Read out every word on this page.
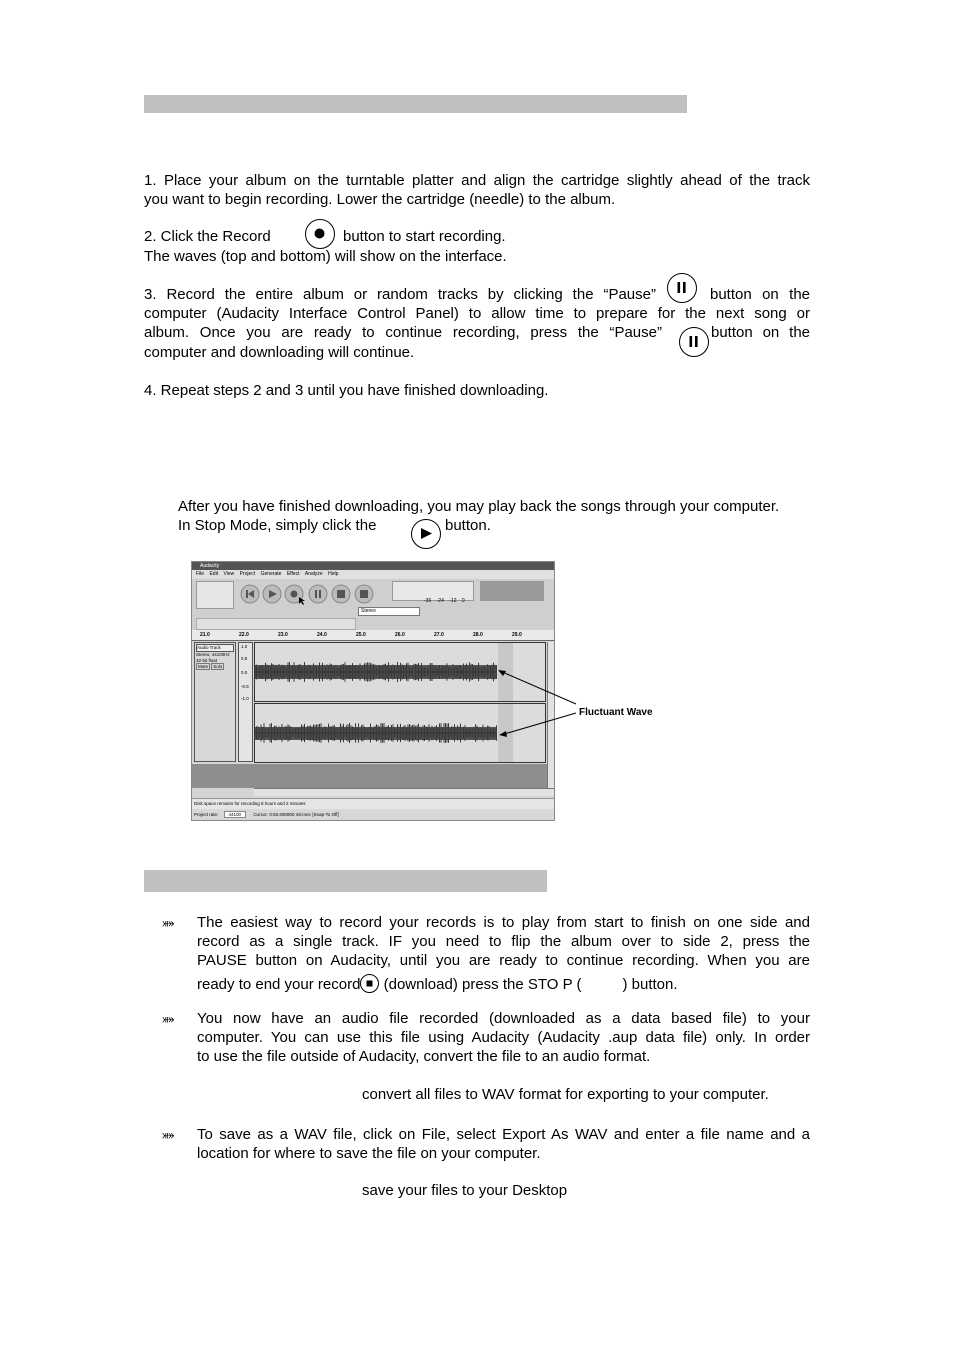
1. Place your album on the turntable platter and align the cartridge slightly ahead of the track
you want to begin recording. Lower the cartridge (needle) to the album.
2. Click the Record	button to start recording.
The waves (top and bottom) will show on the interface.
3. Record the entire album or random tracks by clicking the “Pause”	button on the
computer (Audacity Interface Control Panel) to allow time to prepare for the next song or
album. Once you are ready to continue recording, press the “Pause”	button on the
computer and downloading will continue.
4. Repeat steps 2 and 3 until you have finished downloading.
After you have finished downloading, you may play back the songs through your computer.
In Stop Mode, simply click the	button.
Audacity
File Edit View Project Generate Effect Analyze Help
-36 -24 -12 0
Stereo
21.0	22.0	23.0	24.0	25.0	26.0	27.0	28.0	29.0
Audio Track
Stereo, 44100Hz
32-bit float
Mute Solo
1.0
0.5
0.0
-0.5
-1.0
Disk space remains for recording 8 hours and 2 minutes
Project rate: 44100	Cursor: 0:60.600000 min:sec [Snap-To Off]
Fluctuant Wave
⤘ The easiest way to record your records is to play from start to finish on one side and
record as a single track. IF you need to flip the album over to side 2, press the
PAUSE button on Audacity, until you are ready to continue recording. When you are
ready to end your record (download) press the STO P (	) button.
⤘ You now have an audio file recorded (downloaded as a data based file) to your
computer. You can use this file using Audacity (Audacity .aup data file) only. In order
to use the file outside of Audacity, convert the file to an audio format.
convert all files to WAV format for exporting to your computer.
⤘ To save as a WAV file, click on File, select Export As WAV and enter a file name and a
location for where to save the file on your computer.
save your files to your Desktop
